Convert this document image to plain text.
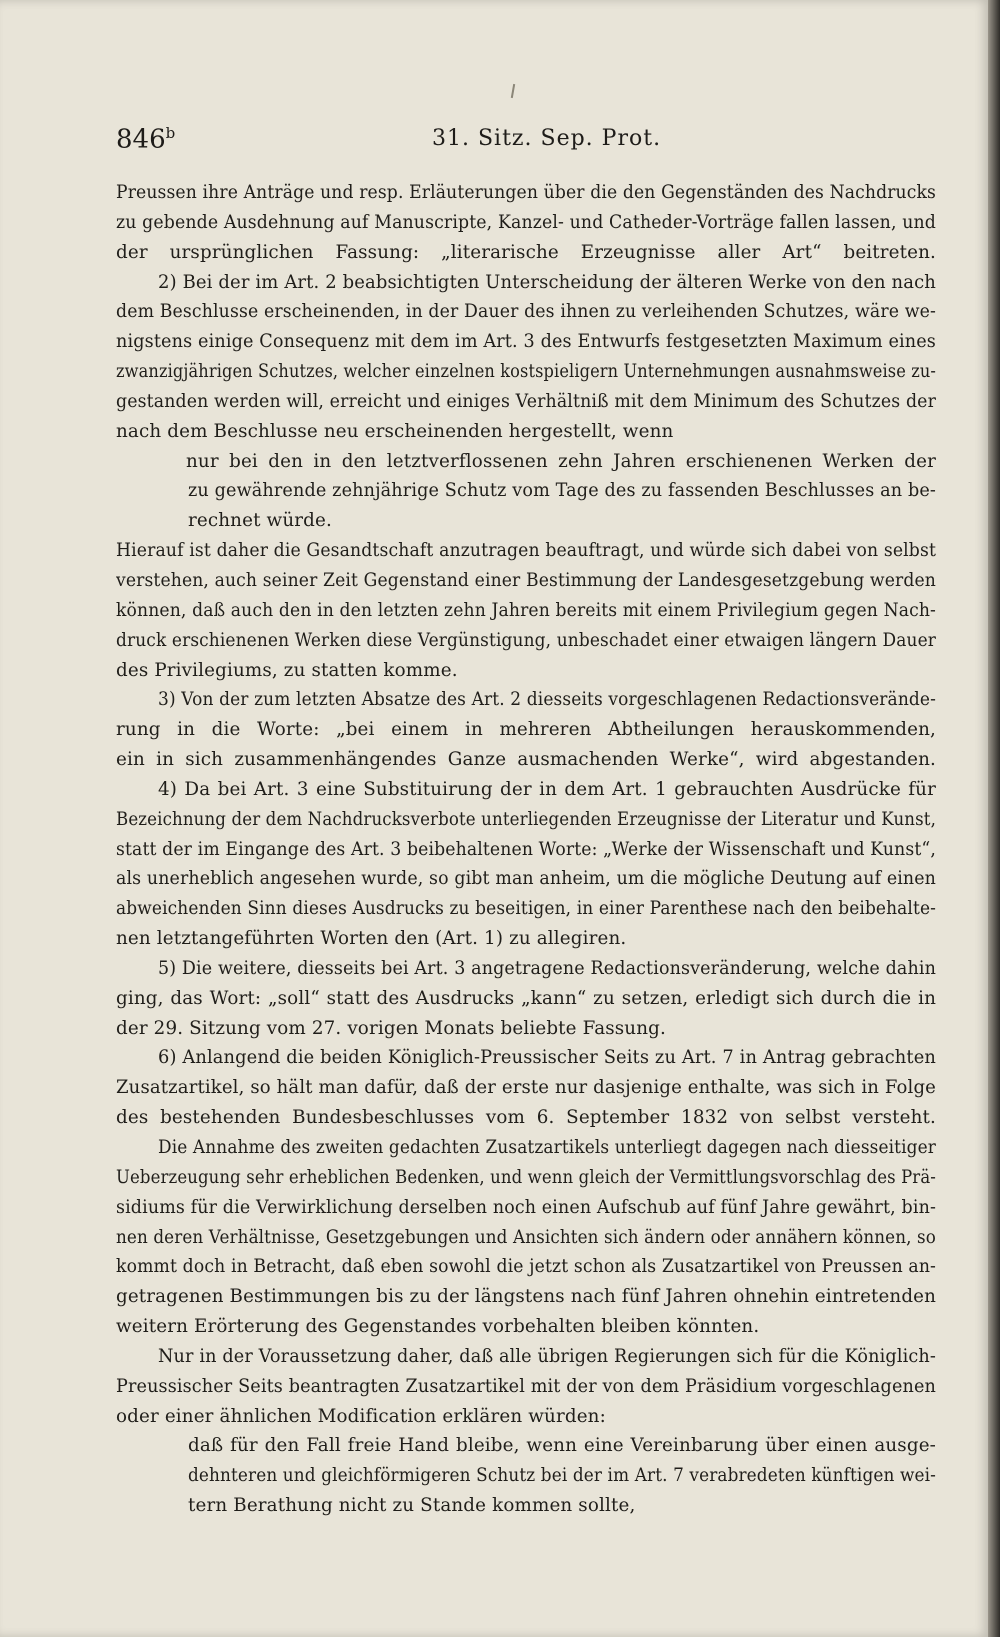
846$^b$	31. Sitz. Sep. Prot.
Preussen ihre Anträge und resp. Erläuterungen über die den Gegenständen des Nachdrucks
zu gebende Ausdehnung auf Manuscripte, Kanzel- und Catheder-Vorträge fallen lassen, und
der ursprünglichen Fassung: „literarische Erzeugnisse aller Art“ beitreten.
2) Bei der im Art. 2 beabsichtigten Unterscheidung der älteren Werke von den nach
dem Beschlusse erscheinenden, in der Dauer des ihnen zu verleihenden Schutzes, wäre we-
nigstens einige Consequenz mit dem im Art. 3 des Entwurfs festgesetzten Maximum eines
zwanzigjährigen Schutzes, welcher einzelnen kostspieligern Unternehmungen ausnahmsweise zu-
gestanden werden will, erreicht und einiges Verhältniß mit dem Minimum des Schutzes der
nach dem Beschlusse neu erscheinenden hergestellt, wenn
nur bei den in den letztverflossenen zehn Jahren erschienenen Werken der
zu gewährende zehnjährige Schutz vom Tage des zu fassenden Beschlusses an be-
rechnet würde.
Hierauf ist daher die Gesandtschaft anzutragen beauftragt, und würde sich dabei von selbst
verstehen, auch seiner Zeit Gegenstand einer Bestimmung der Landesgesetzgebung werden
können, daß auch den in den letzten zehn Jahren bereits mit einem Privilegium gegen Nach-
druck erschienenen Werken diese Vergünstigung, unbeschadet einer etwaigen längern Dauer
des Privilegiums, zu statten komme.
3) Von der zum letzten Absatze des Art. 2 diesseits vorgeschlagenen Redactionsverände-
rung in die Worte: „bei einem in mehreren Abtheilungen herauskommenden,
ein in sich zusammenhängendes Ganze ausmachenden Werke“, wird abgestanden.
4) Da bei Art. 3 eine Substituirung der in dem Art. 1 gebrauchten Ausdrücke für
Bezeichnung der dem Nachdrucksverbote unterliegenden Erzeugnisse der Literatur und Kunst,
statt der im Eingange des Art. 3 beibehaltenen Worte: „Werke der Wissenschaft und Kunst“,
als unerheblich angesehen wurde, so gibt man anheim, um die mögliche Deutung auf einen
abweichenden Sinn dieses Ausdrucks zu beseitigen, in einer Parenthese nach den beibehalte-
nen letztangeführten Worten den (Art. 1) zu allegiren.
5) Die weitere, diesseits bei Art. 3 angetragene Redactionsveränderung, welche dahin
ging, das Wort: „soll“ statt des Ausdrucks „kann“ zu setzen, erledigt sich durch die in
der 29. Sitzung vom 27. vorigen Monats beliebte Fassung.
6) Anlangend die beiden Königlich-Preussischer Seits zu Art. 7 in Antrag gebrachten
Zusatzartikel, so hält man dafür, daß der erste nur dasjenige enthalte, was sich in Folge
des bestehenden Bundesbeschlusses vom 6. September 1832 von selbst versteht.
Die Annahme des zweiten gedachten Zusatzartikels unterliegt dagegen nach diesseitiger
Ueberzeugung sehr erheblichen Bedenken, und wenn gleich der Vermittlungsvorschlag des Prä-
sidiums für die Verwirklichung derselben noch einen Aufschub auf fünf Jahre gewährt, bin-
nen deren Verhältnisse, Gesetzgebungen und Ansichten sich ändern oder annähern können, so
kommt doch in Betracht, daß eben sowohl die jetzt schon als Zusatzartikel von Preussen an-
getragenen Bestimmungen bis zu der längstens nach fünf Jahren ohnehin eintretenden
weitern Erörterung des Gegenstandes vorbehalten bleiben könnten.
Nur in der Voraussetzung daher, daß alle übrigen Regierungen sich für die Königlich-
Preussischer Seits beantragten Zusatzartikel mit der von dem Präsidium vorgeschlagenen
oder einer ähnlichen Modification erklären würden:
daß für den Fall freie Hand bleibe, wenn eine Vereinbarung über einen ausge-
dehnteren und gleichförmigeren Schutz bei der im Art. 7 verabredeten künftigen wei-
tern Berathung nicht zu Stande kommen sollte,
